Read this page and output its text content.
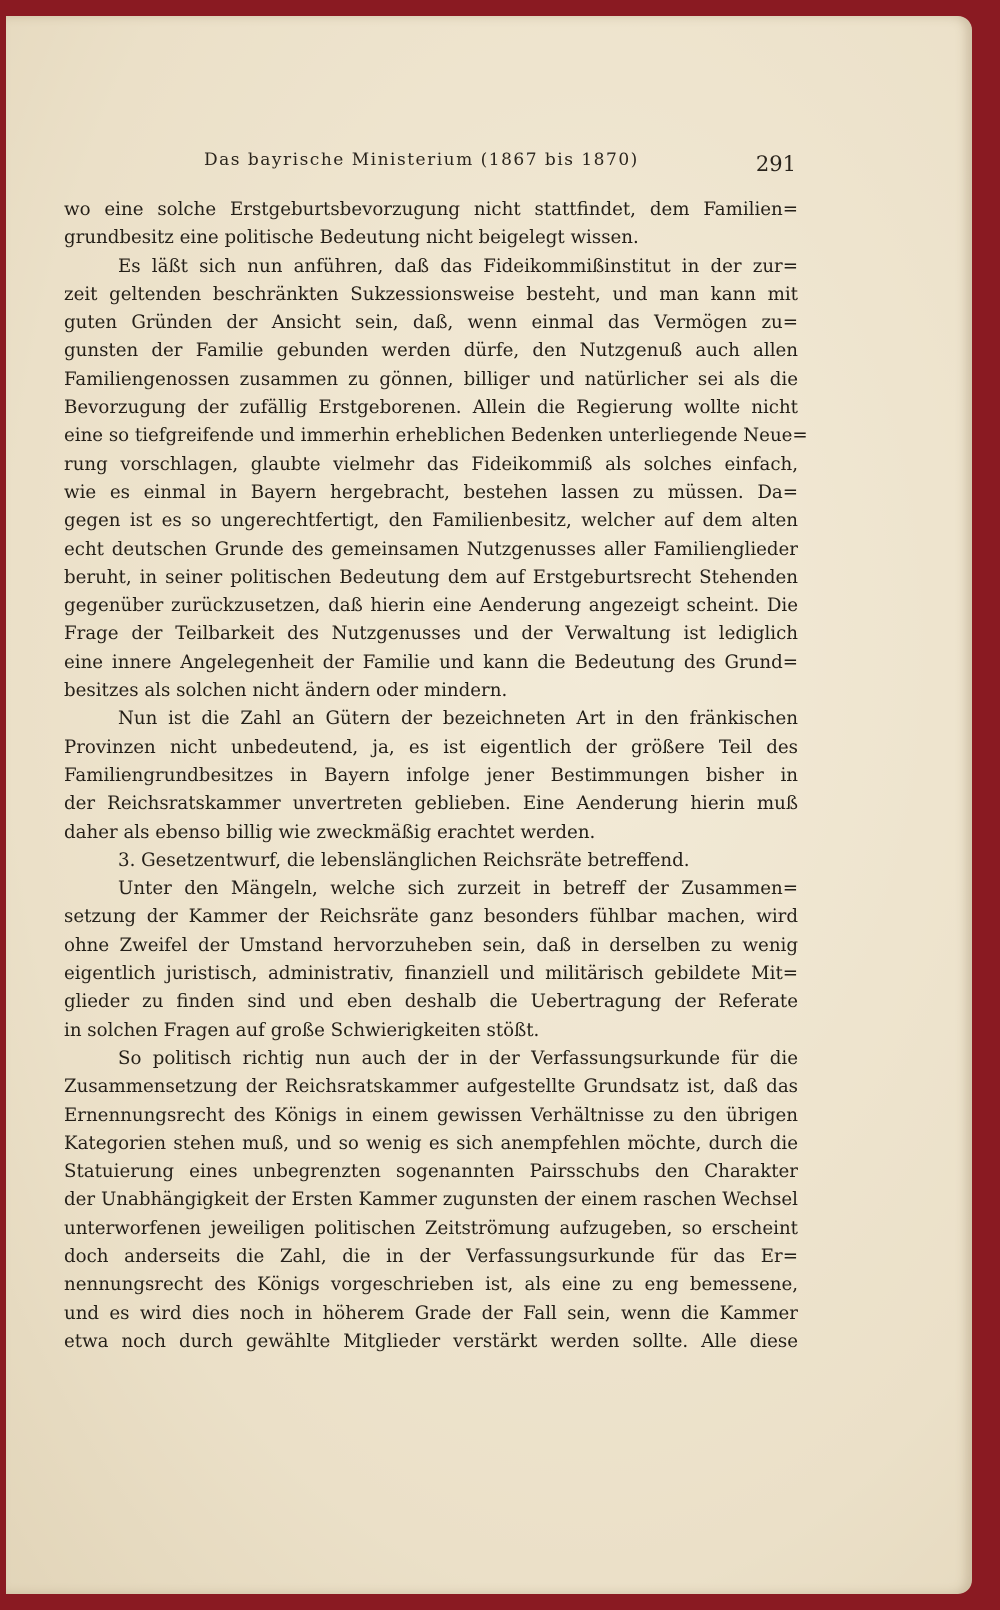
Das bayrische Ministerium (1867 bis 1870)	291
wo eine solche Erstgeburtsbevorzugung nicht stattfindet, dem Familien=
grundbesitz eine politische Bedeutung nicht beigelegt wissen.
Es läßt sich nun anführen, daß das Fideikommißinstitut in der zur=
zeit geltenden beschränkten Sukzessionsweise besteht, und man kann mit
guten Gründen der Ansicht sein, daß, wenn einmal das Vermögen zu=
gunsten der Familie gebunden werden dürfe, den Nutzgenuß auch allen
Familiengenossen zusammen zu gönnen, billiger und natürlicher sei als die
Bevorzugung der zufällig Erstgeborenen. Allein die Regierung wollte nicht
eine so tiefgreifende und immerhin erheblichen Bedenken unterliegende Neue=
rung vorschlagen, glaubte vielmehr das Fideikommiß als solches einfach,
wie es einmal in Bayern hergebracht, bestehen lassen zu müssen. Da=
gegen ist es so ungerechtfertigt, den Familienbesitz, welcher auf dem alten
echt deutschen Grunde des gemeinsamen Nutzgenusses aller Familienglieder
beruht, in seiner politischen Bedeutung dem auf Erstgeburtsrecht Stehenden
gegenüber zurückzusetzen, daß hierin eine Aenderung angezeigt scheint. Die
Frage der Teilbarkeit des Nutzgenusses und der Verwaltung ist lediglich
eine innere Angelegenheit der Familie und kann die Bedeutung des Grund=
besitzes als solchen nicht ändern oder mindern.
Nun ist die Zahl an Gütern der bezeichneten Art in den fränkischen
Provinzen nicht unbedeutend, ja, es ist eigentlich der größere Teil des
Familiengrundbesitzes in Bayern infolge jener Bestimmungen bisher in
der Reichsratskammer unvertreten geblieben. Eine Aenderung hierin muß
daher als ebenso billig wie zweckmäßig erachtet werden.
3. Gesetzentwurf, die lebenslänglichen Reichsräte betreffend.
Unter den Mängeln, welche sich zurzeit in betreff der Zusammen=
setzung der Kammer der Reichsräte ganz besonders fühlbar machen, wird
ohne Zweifel der Umstand hervorzuheben sein, daß in derselben zu wenig
eigentlich juristisch, administrativ, finanziell und militärisch gebildete Mit=
glieder zu finden sind und eben deshalb die Uebertragung der Referate
in solchen Fragen auf große Schwierigkeiten stößt.
So politisch richtig nun auch der in der Verfassungsurkunde für die
Zusammensetzung der Reichsratskammer aufgestellte Grundsatz ist, daß das
Ernennungsrecht des Königs in einem gewissen Verhältnisse zu den übrigen
Kategorien stehen muß, und so wenig es sich anempfehlen möchte, durch die
Statuierung eines unbegrenzten sogenannten Pairsschubs den Charakter
der Unabhängigkeit der Ersten Kammer zugunsten der einem raschen Wechsel
unterworfenen jeweiligen politischen Zeitströmung aufzugeben, so erscheint
doch anderseits die Zahl, die in der Verfassungsurkunde für das Er=
nennungsrecht des Königs vorgeschrieben ist, als eine zu eng bemessene,
und es wird dies noch in höherem Grade der Fall sein, wenn die Kammer
etwa noch durch gewählte Mitglieder verstärkt werden sollte. Alle diese
